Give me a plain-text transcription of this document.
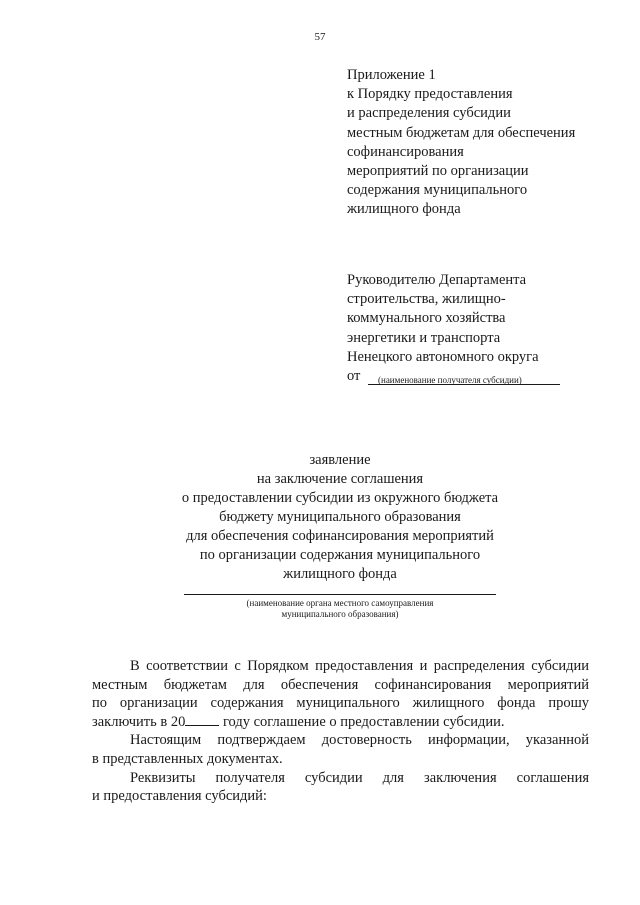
57
Приложение 1
к Порядку предоставления
и распределения субсидии
местным бюджетам для обеспечения
софинансирования
мероприятий по организации
содержания муниципального
жилищного фонда
Руководителю Департамента
строительства, жилищно-
коммунального хозяйства
энергетики и транспорта
Ненецкого автономного округа
от	(наименование получателя субсидии)
заявление
на заключение соглашения
о предоставлении субсидии из окружного бюджета
бюджету муниципального образования
для обеспечения софинансирования мероприятий
по организации содержания муниципального
жилищного фонда
(наименование органа местного самоуправления
муниципального образования)
В соответствии с Порядком предоставления и распределения субсидии
местным бюджетам для обеспечения софинансирования мероприятий
по организации содержания муниципального жилищного фонда прошу
заключить в 20 году соглашение о предоставлении субсидии.
Настоящим подтверждаем достоверность информации, указанной
в представленных документах.
Реквизиты получателя субсидии для заключения соглашения
и предоставления субсидий:
